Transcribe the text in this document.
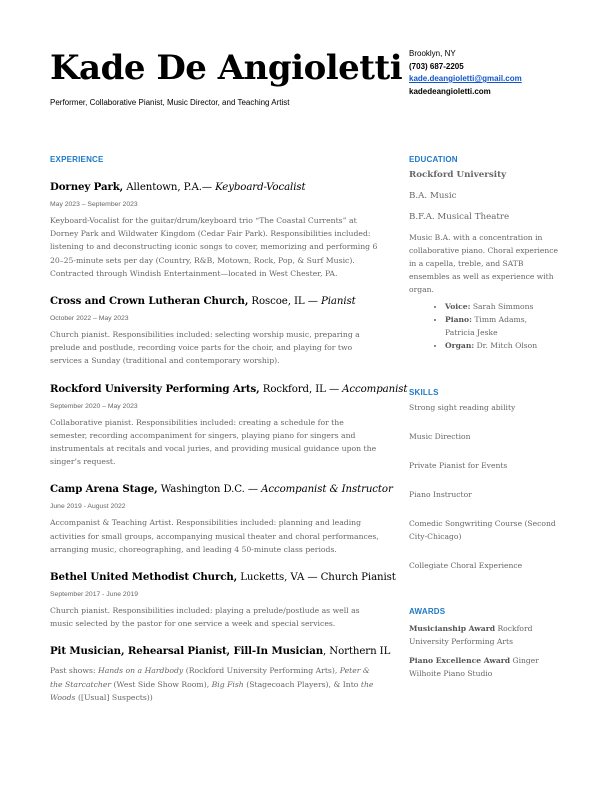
Kade De Angioletti
Performer, Collaborative Pianist, Music Director, and Teaching Artist
Brooklyn, NY
(703) 687-2205
kade.deangioletti@gmail.com
kadedeangioletti.com
EXPERIENCE	EDUCATION
SKILLS
AWARDS
Dorney Park, Allentown, P.A.— Keyboard-Vocalist
May 2023 – September 2023
Keyboard-Vocalist for the guitar/drum/keyboard trio “The Coastal Currents” at Dorney Park and Wildwater Kingdom (Cedar Fair Park). Responsibilities included: listening to and deconstructing iconic songs to cover, memorizing and performing 6 20–25-minute sets per day (Country, R&B, Motown, Rock, Pop, & Surf Music). Contracted through Windish Entertainment—located in West Chester, PA.
Cross and Crown Lutheran Church, Roscoe, IL — Pianist
October 2022 – May 2023
Church pianist. Responsibilities included: selecting worship music, preparing a prelude and postlude, recording voice parts for the choir, and playing for two services a Sunday (traditional and contemporary worship).
Rockford University Performing Arts, Rockford, IL — Accompanist
September 2020 – May 2023
Collaborative pianist. Responsibilities included: creating a schedule for the semester, recording accompaniment for singers, playing piano for singers and instrumentals at recitals and vocal juries, and providing musical guidance upon the singer’s request.
Camp Arena Stage, Washington D.C. — Accompanist & Instructor
June 2019 - August 2022
Accompanist & Teaching Artist. Responsibilities included: planning and leading activities for small groups, accompanying musical theater and choral performances, arranging music, choreographing, and leading 4 50-minute class periods.
Bethel United Methodist Church, Lucketts, VA — Church Pianist
September 2017 - June 2019
Church pianist. Responsibilities included: playing a prelude/postlude as well as music selected by the pastor for one service a week and special services.
Pit Musician, Rehearsal Pianist, Fill-In Musician, Northern IL
Past shows: Hands on a Hardbody (Rockford University Performing Arts), Peter & the Starcatcher (West Side Show Room), Big Fish (Stagecoach Players), & Into the Woods ([Usual] Suspects))
Rockford University
B.A. Music
B.F.A. Musical Theatre
Music B.A. with a concentration in collaborative piano. Choral experience in a capella, treble, and SATB ensembles as well as experience with organ.
• Voice: Sarah Simmons
• Piano: Timm Adams, Patricia Jeske
• Organ: Dr. Mitch Olson
Strong sight reading ability
Music Direction
Private Pianist for Events
Piano Instructor
Comedic Songwriting Course (Second City-Chicago)
Collegiate Choral Experience
Musicianship Award Rockford University Performing Arts
Piano Excellence Award Ginger Wilhoite Piano Studio
